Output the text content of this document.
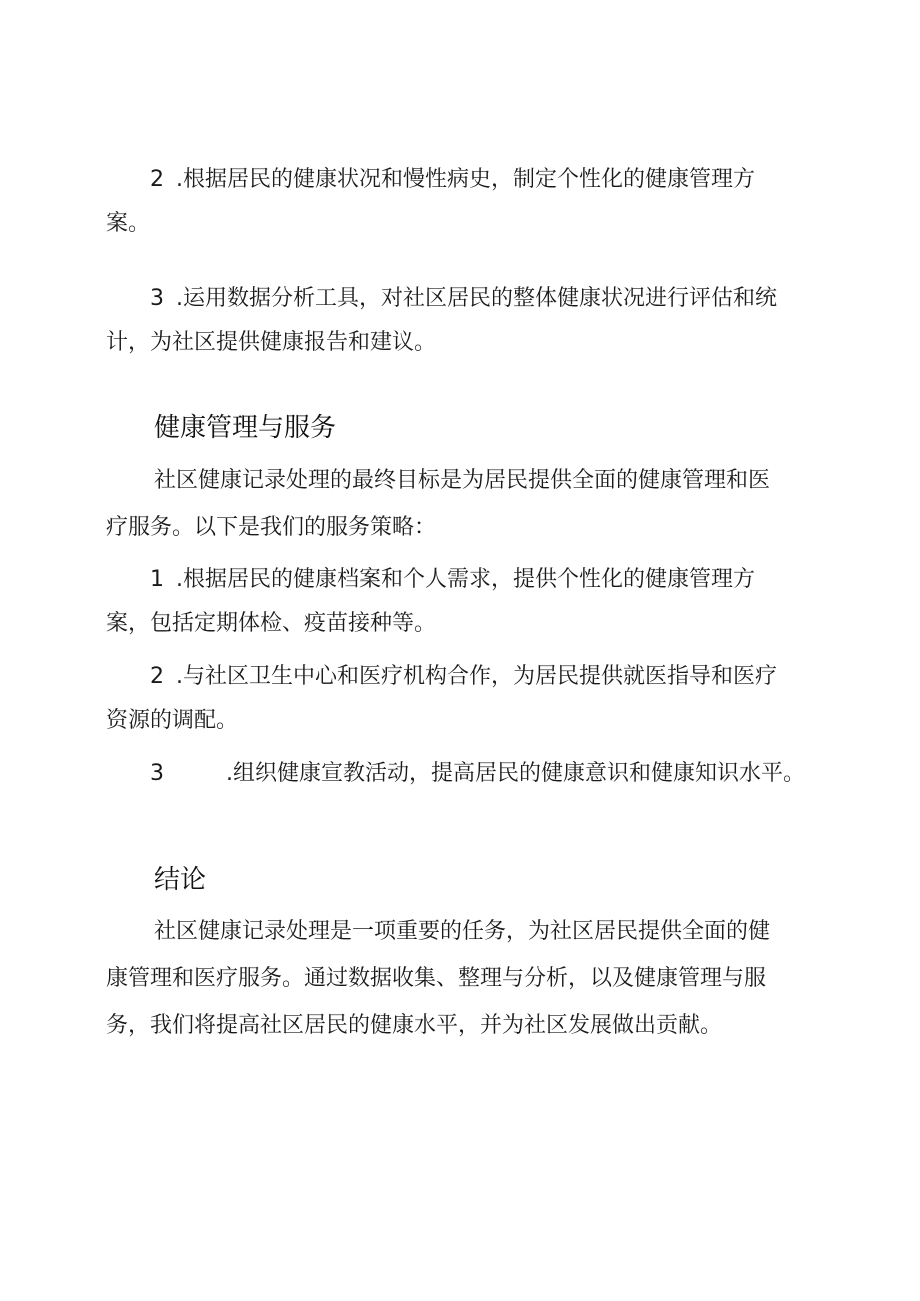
2 .根据居民的健康状况和慢性病史，制定个性化的健康管理方

案。

3 .运用数据分析工具，对社区居民的整体健康状况进行评估和统

计，为社区提供健康报告和建议。

健康管理与服务

社区健康记录处理的最终目标是为居民提供全面的健康管理和医

疗服务。以下是我们的服务策略：

1 .根据居民的健康档案和个人需求，提供个性化的健康管理方

案，包括定期体检、疫苗接种等。

2 .与社区卫生中心和医疗机构合作，为居民提供就医指导和医疗

资源的调配。

3	.组织健康宣教活动，提高居民的健康意识和健康知识水平。

结论

社区健康记录处理是一项重要的任务，为社区居民提供全面的健

康管理和医疗服务。通过数据收集、整理与分析，以及健康管理与服

务，我们将提高社区居民的健康水平，并为社区发展做出贡献。
